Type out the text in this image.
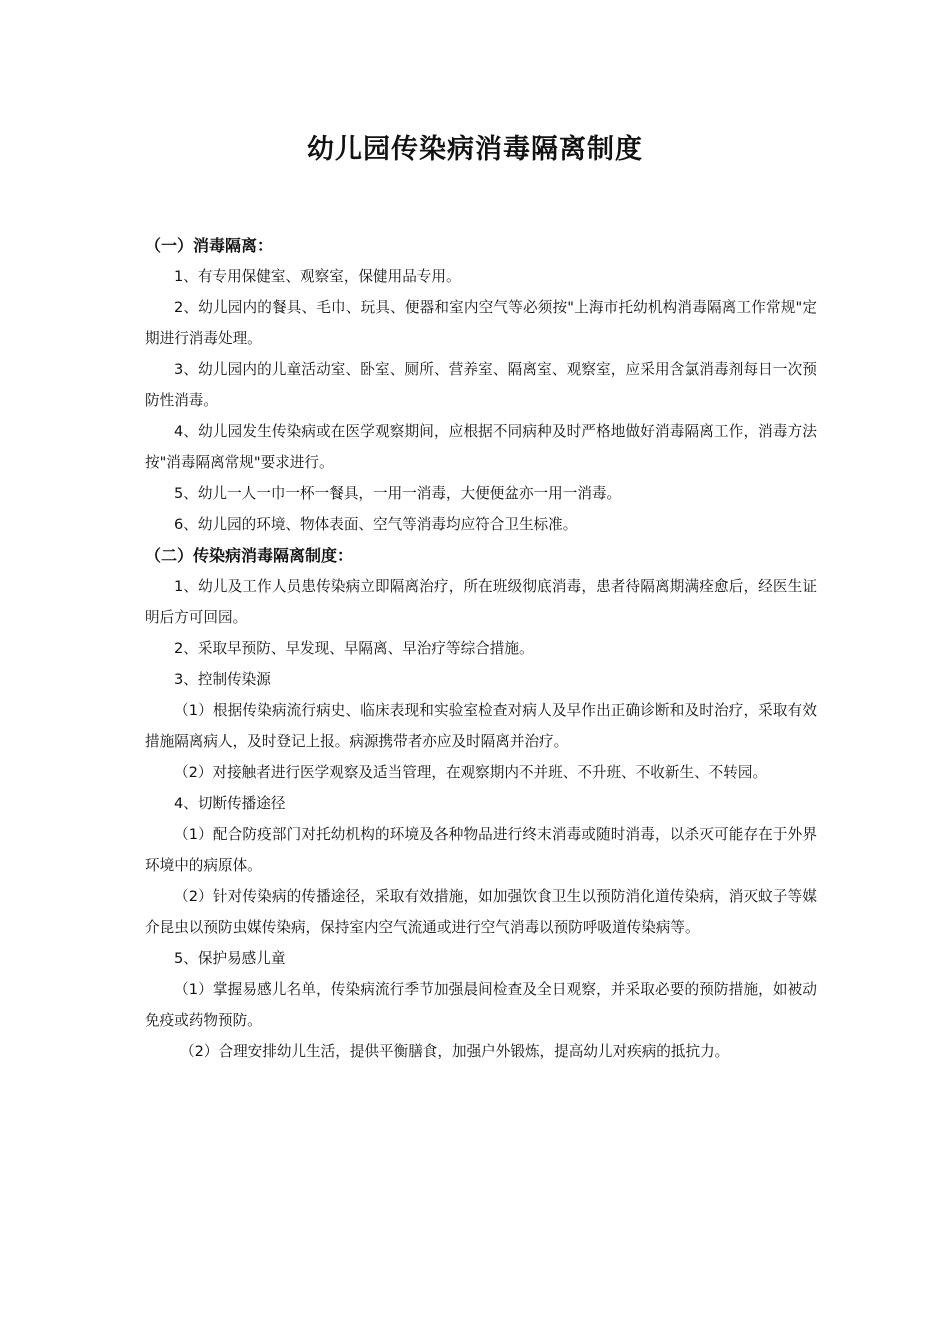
幼儿园传染病消毒隔离制度

（一）消毒隔离：

1、有专用保健室、观察室，保健用品专用。

2、幼儿园内的餐具、毛巾、玩具、便器和室内空气等必须按"上海市托幼机构消毒隔离工作常规"定期进行消毒处理。

3、幼儿园内的儿童活动室、卧室、厕所、营养室、隔离室、观察室，应采用含氯消毒剂每日一次预防性消毒。

4、幼儿园发生传染病或在医学观察期间，应根据不同病种及时严格地做好消毒隔离工作，消毒方法按"消毒隔离常规"要求进行。

5、幼儿一人一巾一杯一餐具，一用一消毒，大便便盆亦一用一消毒。

6、幼儿园的环境、物体表面、空气等消毒均应符合卫生标准。

（二）传染病消毒隔离制度：

1、幼儿及工作人员患传染病立即隔离治疗，所在班级彻底消毒，患者待隔离期满痊愈后，经医生证明后方可回园。

2、采取早预防、早发现、早隔离、早治疗等综合措施。

3、控制传染源

（1）根据传染病流行病史、临床表现和实验室检查对病人及早作出正确诊断和及时治疗，采取有效措施隔离病人，及时登记上报。病源携带者亦应及时隔离并治疗。

（2）对接触者进行医学观察及适当管理，在观察期内不并班、不升班、不收新生、不转园。

4、切断传播途径

（1）配合防疫部门对托幼机构的环境及各种物品进行终末消毒或随时消毒，以杀灭可能存在于外界环境中的病原体。

（2）针对传染病的传播途径，采取有效措施，如加强饮食卫生以预防消化道传染病，消灭蚊子等媒介昆虫以预防虫媒传染病，保持室内空气流通或进行空气消毒以预防呼吸道传染病等。

5、保护易感儿童

（1）掌握易感儿名单，传染病流行季节加强晨间检查及全日观察，并采取必要的预防措施，如被动免疫或药物预防。

（2）合理安排幼儿生活，提供平衡膳食，加强户外锻炼，提高幼儿对疾病的抵抗力。
